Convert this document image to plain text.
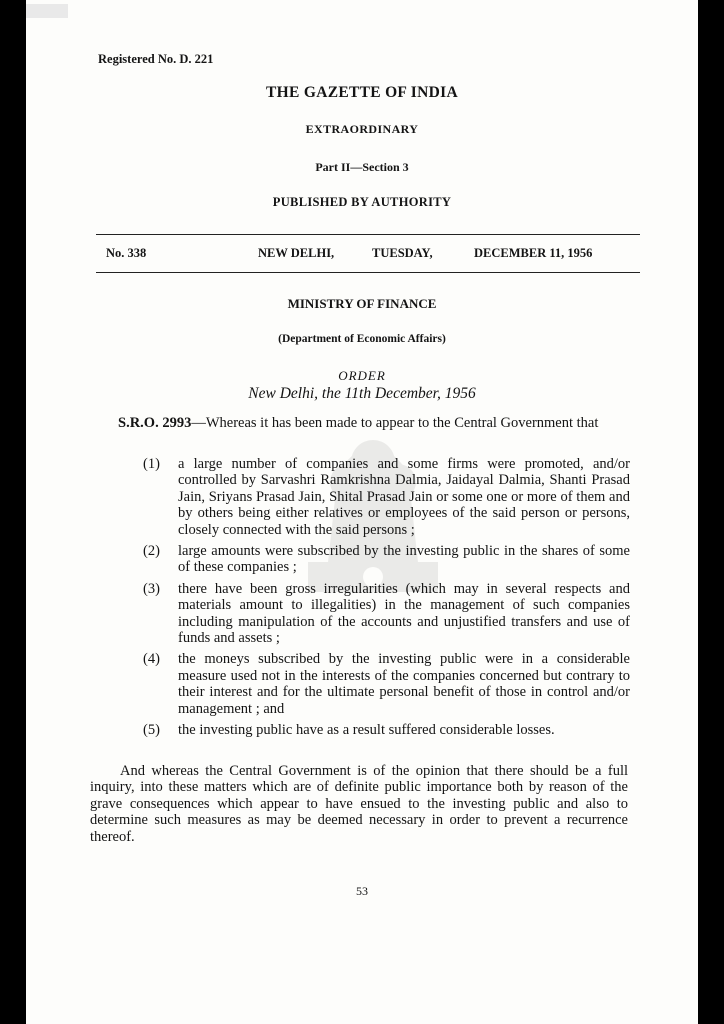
Registered No. D. 221
THE GAZETTE OF INDIA
EXTRAORDINARY
Part II—Section 3
PUBLISHED BY AUTHORITY
No. 338	NEW DELHI,	TUESDAY,	DECEMBER 11, 1956
MINISTRY OF FINANCE
(Department of Economic Affairs)
ORDER
New Delhi, the 11th December, 1956
S.R.O. 2993—Whereas it has been made to appear to the Central Government that
(1) a large number of companies and some firms were promoted, and/or controlled by Sarvashri Ramkrishna Dalmia, Jaidayal Dalmia, Shanti Prasad Jain, Sriyans Prasad Jain, Shital Prasad Jain or some one or more of them and by others being either relatives or employees of the said person or persons, closely connected with the said persons ;
(2) large amounts were subscribed by the investing public in the shares of some of these companies ;
(3) there have been gross irregularities (which may in several respects and materials amount to illegalities) in the management of such companies including manipulation of the accounts and unjustified transfers and use of funds and assets ;
(4) the moneys subscribed by the investing public were in a considerable measure used not in the interests of the companies concerned but contrary to their interest and for the ultimate personal benefit of those in control and/or management ; and
(5) the investing public have as a result suffered considerable losses.
And whereas the Central Government is of the opinion that there should be a full inquiry, into these matters which are of definite public importance both by reason of the grave consequences which appear to have ensued to the investing public and also to determine such measures as may be deemed necessary in order to prevent a recurrence thereof.
53
